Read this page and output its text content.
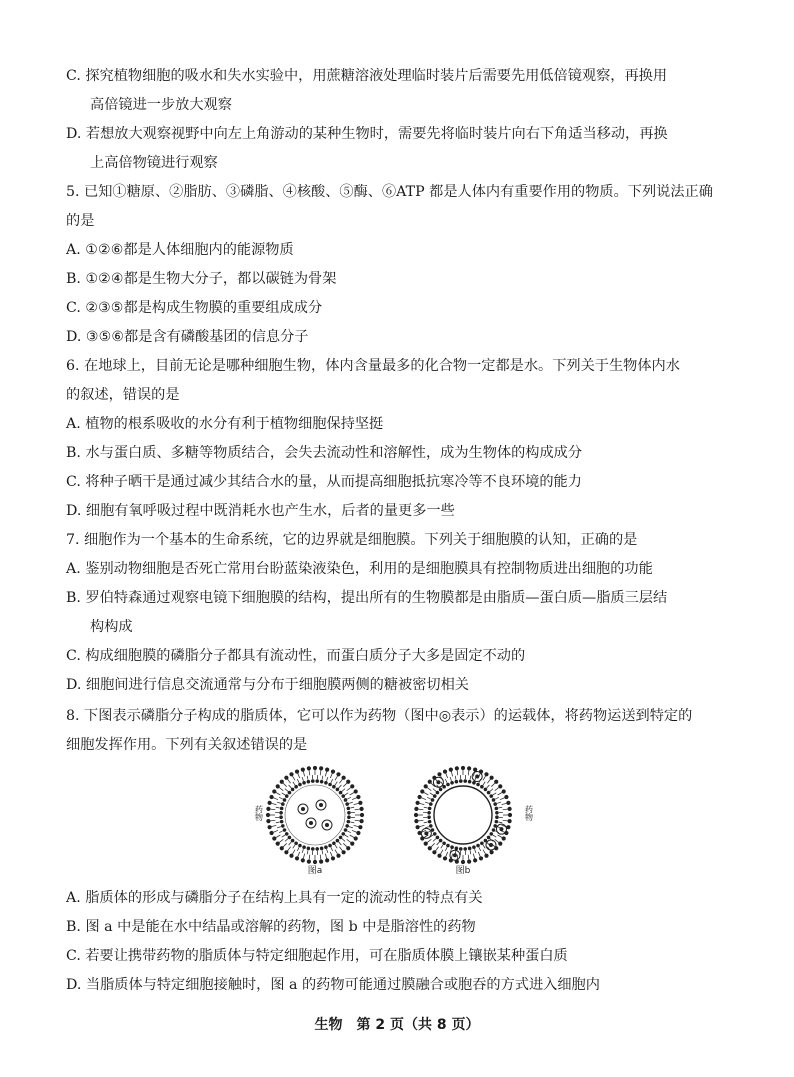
C. 探究植物细胞的吸水和失水实验中，用蔗糖溶液处理临时装片后需要先用低倍镜观察，再换用
高倍镜进一步放大观察
D. 若想放大观察视野中向左上角游动的某种生物时，需要先将临时装片向右下角适当移动，再换
上高倍物镜进行观察
5. 已知①糖原、②脂肪、③磷脂、④核酸、⑤酶、⑥ATP 都是人体内有重要作用的物质。下列说法正确
的是
A. ①②⑥都是人体细胞内的能源物质
B. ①②④都是生物大分子，都以碳链为骨架
C. ②③⑤都是构成生物膜的重要组成成分
D. ③⑤⑥都是含有磷酸基团的信息分子
6. 在地球上，目前无论是哪种细胞生物，体内含量最多的化合物一定都是水。下列关于生物体内水
的叙述，错误的是
A. 植物的根系吸收的水分有利于植物细胞保持坚挺
B. 水与蛋白质、多糖等物质结合，会失去流动性和溶解性，成为生物体的构成成分
C. 将种子晒干是通过减少其结合水的量，从而提高细胞抵抗寒冷等不良环境的能力
D. 细胞有氧呼吸过程中既消耗水也产生水，后者的量更多一些
7. 细胞作为一个基本的生命系统，它的边界就是细胞膜。下列关于细胞膜的认知，正确的是
A. 鉴别动物细胞是否死亡常用台盼蓝染液染色，利用的是细胞膜具有控制物质进出细胞的功能
B. 罗伯特森通过观察电镜下细胞膜的结构，提出所有的生物膜都是由脂质—蛋白质—脂质三层结
构构成
C. 构成细胞膜的磷脂分子都具有流动性，而蛋白质分子大多是固定不动的
D. 细胞间进行信息交流通常与分布于细胞膜两侧的糖被密切相关
8. 下图表示磷脂分子构成的脂质体，它可以作为药物（图中◎表示）的运载体，将药物运送到特定的
细胞发挥作用。下列有关叙述错误的是
药物	药物
图a	图b
A. 脂质体的形成与磷脂分子在结构上具有一定的流动性的特点有关
B. 图 a 中是能在水中结晶或溶解的药物，图 b 中是脂溶性的药物
C. 若要让携带药物的脂质体与特定细胞起作用，可在脂质体膜上镶嵌某种蛋白质
D. 当脂质体与特定细胞接触时，图 a 的药物可能通过膜融合或胞吞的方式进入细胞内
生物　第 2 页（共 8 页）
